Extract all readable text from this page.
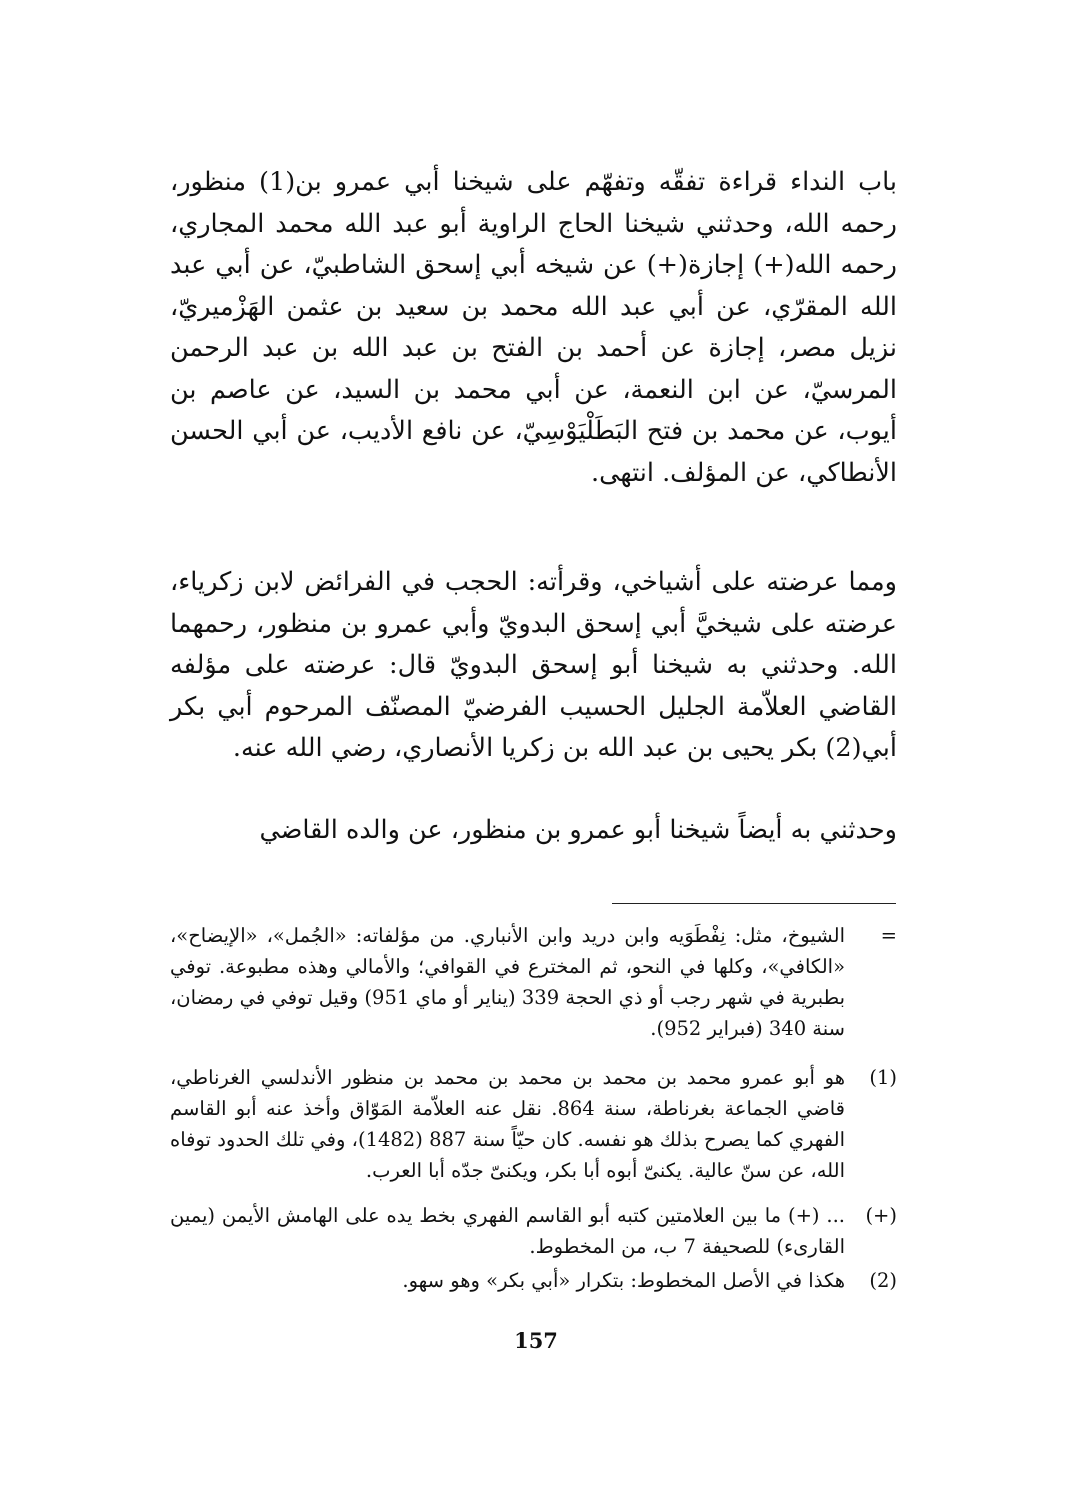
باب النداء قراءة تفقّه وتفهّم على شيخنا أبي عمرو بن(1) منظور، رحمه الله، وحدثني شيخنا الحاج الراوية أبو عبد الله محمد المجاري، رحمه الله(+) إجازة(+) عن شيخه أبي إسحق الشاطبيّ، عن أبي عبد الله المقرّي، عن أبي عبد الله محمد بن سعيد بن عثمن الهَزْميريّ، نزيل مصر، إجازة عن أحمد بن الفتح بن عبد الله بن عبد الرحمن المرسيّ، عن ابن النعمة، عن أبي محمد بن السيد، عن عاصم بن أيوب، عن محمد بن فتح البَطَلْيَوْسِيّ، عن نافع الأديب، عن أبي الحسن الأنطاكي، عن المؤلف. انتهى.

ومما عرضته على أشياخي، وقرأته: الحجب في الفرائض لابن زكرياء، عرضته على شيخيَّ أبي إسحق البدويّ وأبي عمرو بن منظور، رحمهما الله. وحدثني به شيخنا أبو إسحق البدويّ قال: عرضته على مؤلفه القاضي العلاّمة الجليل الحسيب الفرضيّ المصنّف المرحوم أبي بكر أبي(2) بكر يحيى بن عبد الله بن زكريا الأنصاري، رضي الله عنه.

وحدثني به أيضاً شيخنا أبو عمرو بن منظور، عن والده القاضي

=
الشيوخ، مثل: نِفْطَوَيه وابن دريد وابن الأنباري. من مؤلفاته: «الجُمل»، «الإيضاح»، «الكافي»، وكلها في النحو، ثم المخترع في القوافي؛ والأمالي وهذه مطبوعة. توفي بطبرية في شهر رجب أو ذي الحجة 339 (يناير أو ماي 951) وقيل توفي في رمضان، سنة 340 (فبراير 952).
(1)
هو أبو عمرو محمد بن محمد بن محمد بن محمد بن منظور الأندلسي الغرناطي، قاضي الجماعة بغرناطة، سنة 864. نقل عنه العلاّمة المَوّاق وأخذ عنه أبو القاسم الفهري كما يصرح بذلك هو نفسه. كان حيّاً سنة 887 (1482)، وفي تلك الحدود توفاه الله، عن سنّ عالية. يكنىّ أبوه أبا بكر، ويكنىّ جدّه أبا العرب.
(+)
... (+) ما بين العلامتين كتبه أبو القاسم الفهري بخط يده على الهامش الأيمن (يمين القارىء) للصحيفة 7 ب، من المخطوط.
(2)
هكذا في الأصل المخطوط: بتكرار «أبي بكر» وهو سهو.
157
